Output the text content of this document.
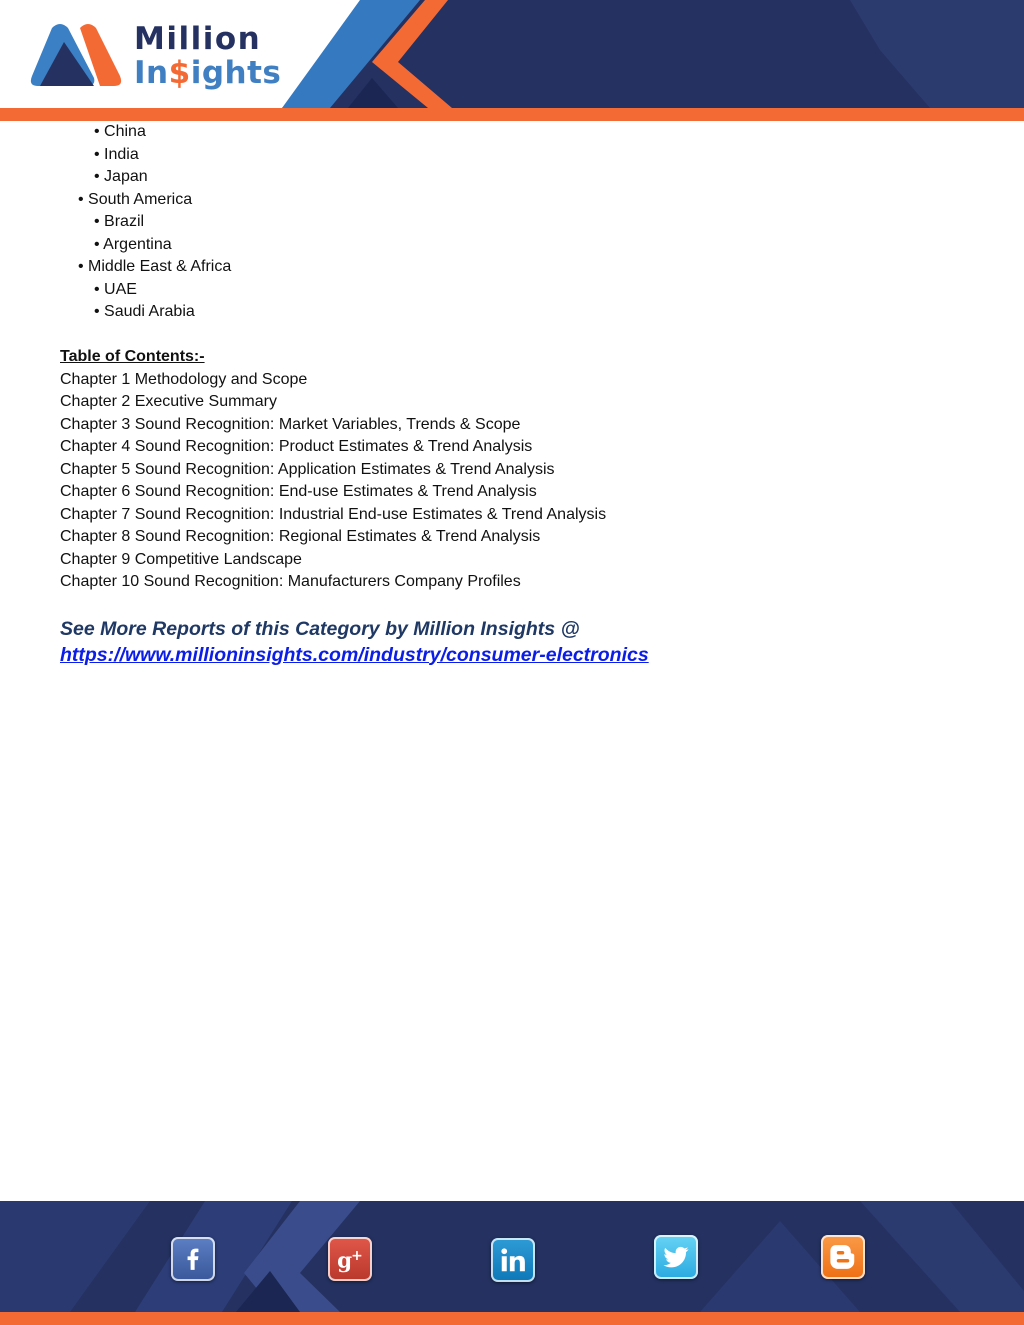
Million
In$ights
• China
• India
• Japan
• South America
• Brazil
• Argentina
• Middle East & Africa
• UAE
• Saudi Arabia
Table of Contents:-
Chapter 1 Methodology and Scope
Chapter 2 Executive Summary
Chapter 3 Sound Recognition: Market Variables, Trends & Scope
Chapter 4 Sound Recognition: Product Estimates & Trend Analysis
Chapter 5 Sound Recognition: Application Estimates & Trend Analysis
Chapter 6 Sound Recognition: End-use Estimates & Trend Analysis
Chapter 7 Sound Recognition: Industrial End-use Estimates & Trend Analysis
Chapter 8 Sound Recognition: Regional Estimates & Trend Analysis
Chapter 9 Competitive Landscape
Chapter 10 Sound Recognition: Manufacturers Company Profiles
See More Reports of this Category by Million Insights @
https://www.millioninsights.com/industry/consumer-electronics
g
+
